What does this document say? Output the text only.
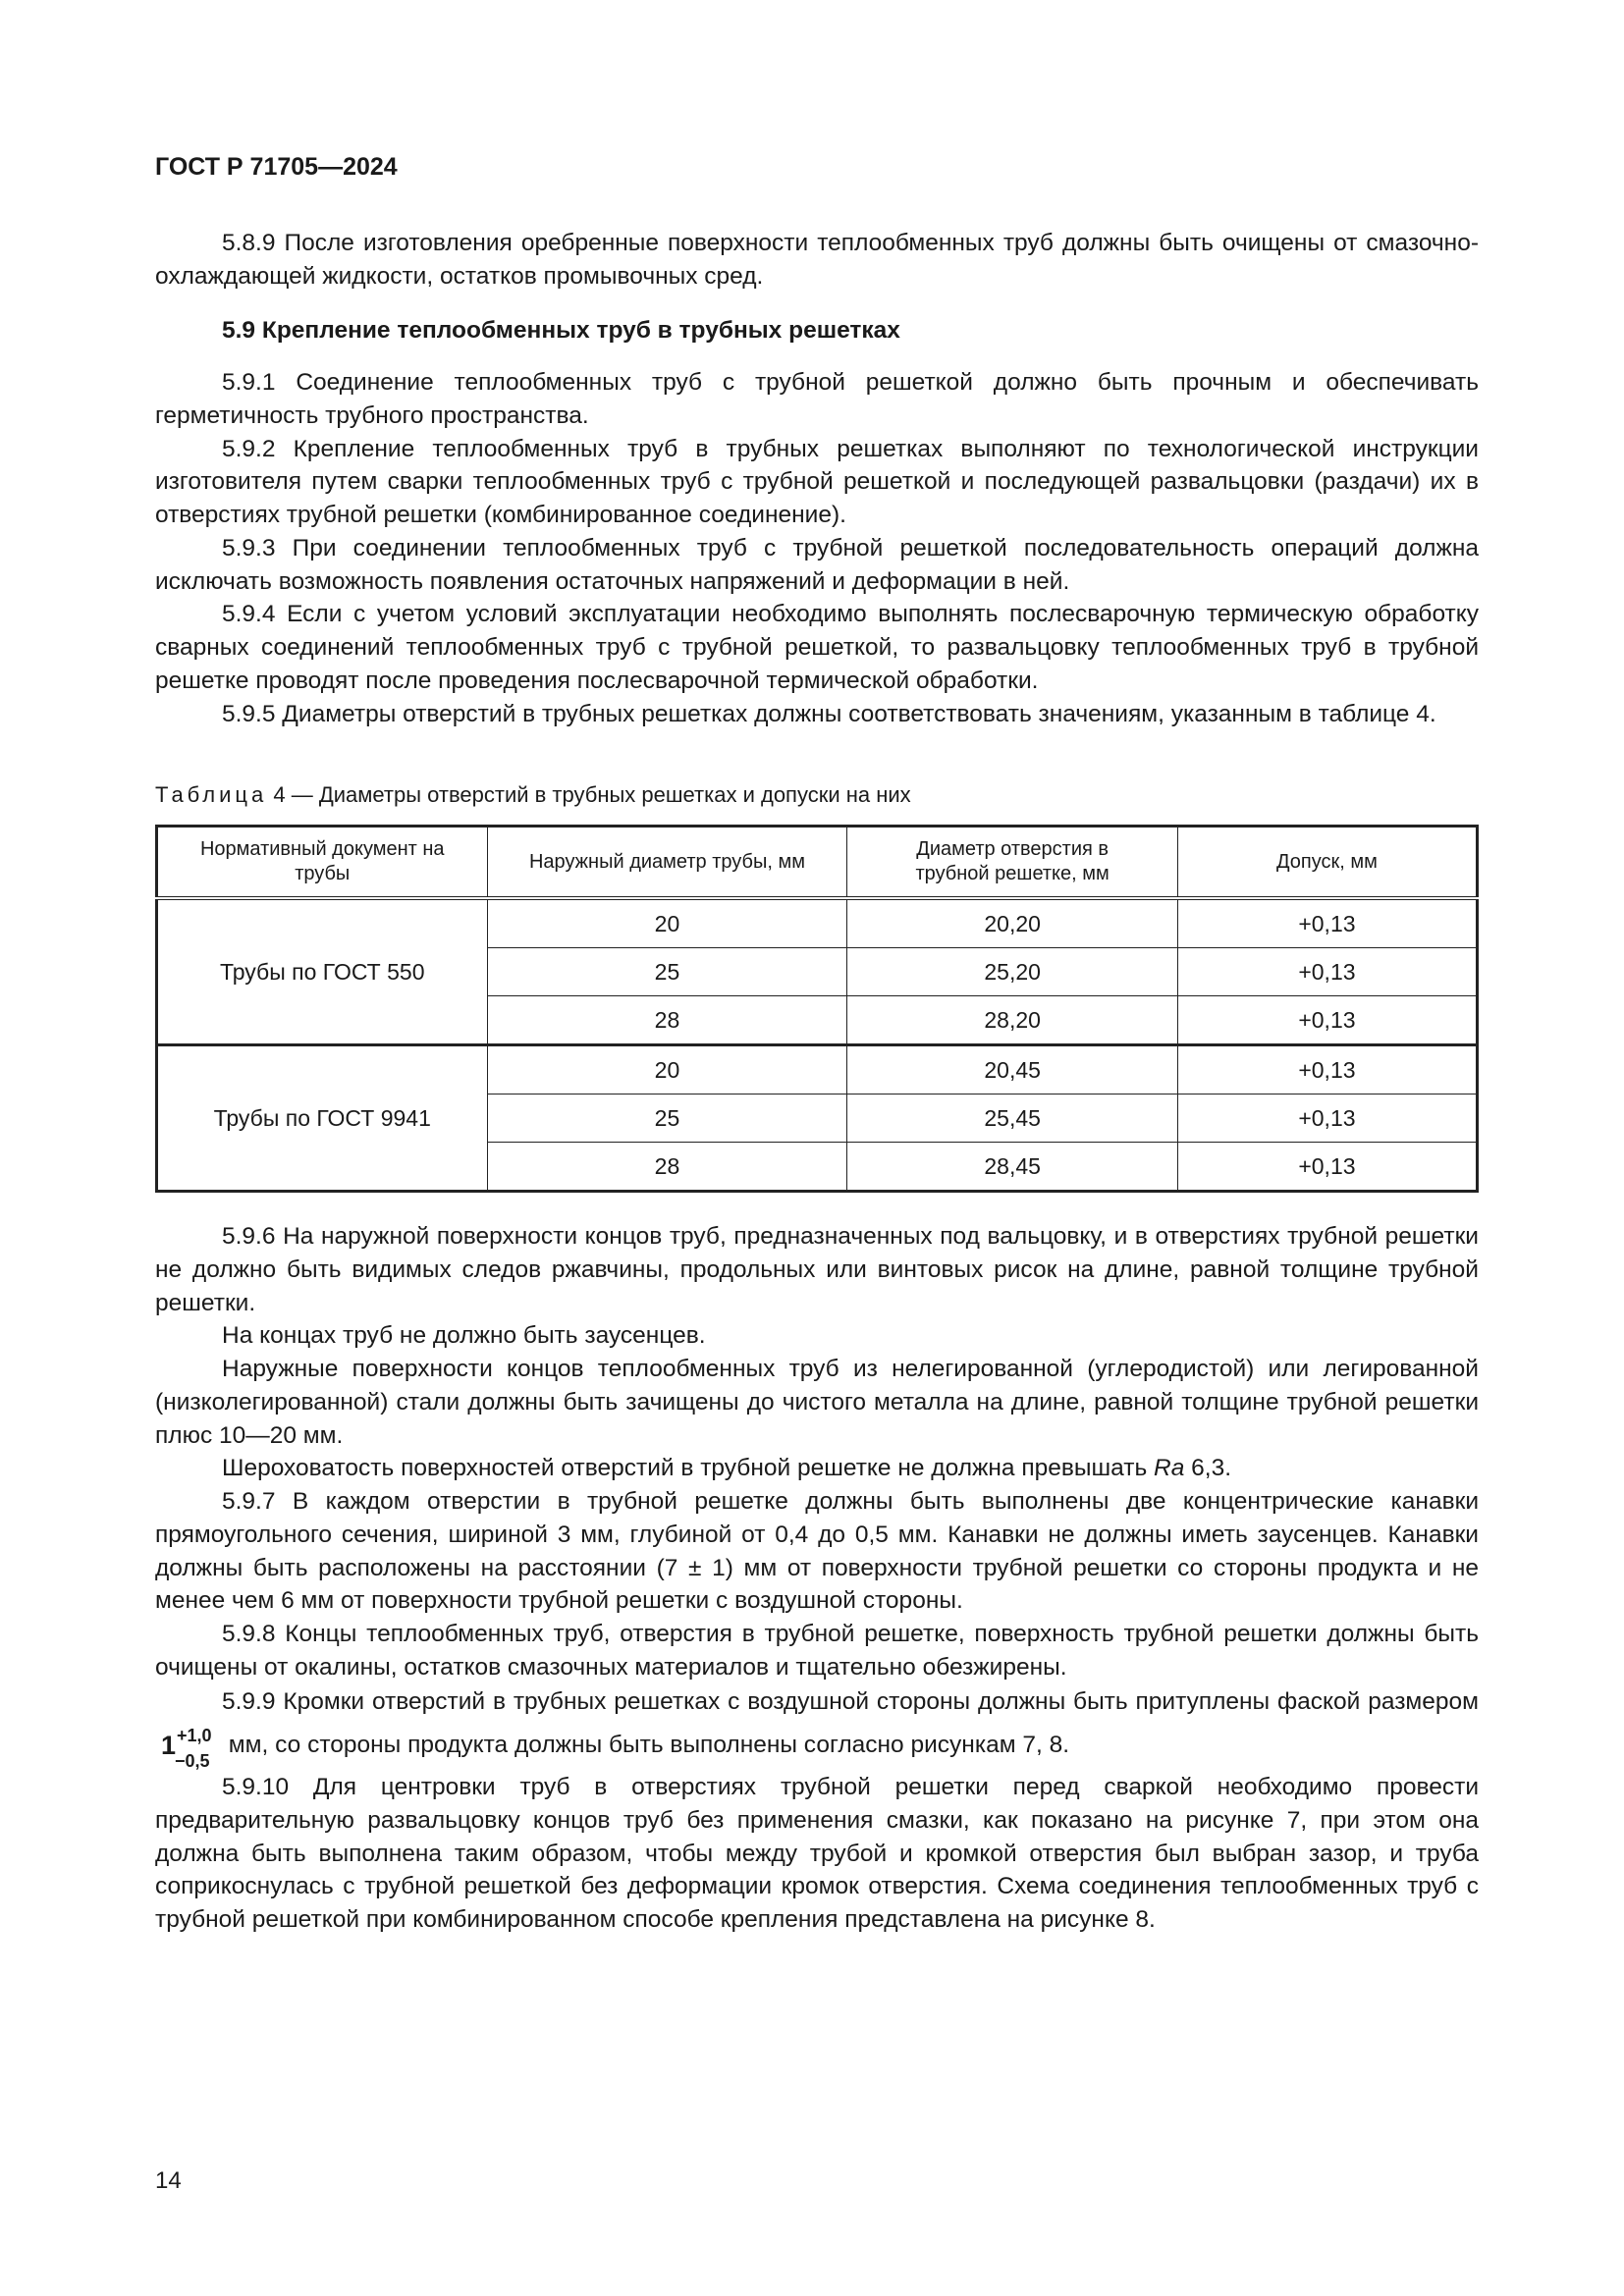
ГОСТ Р 71705—2024

5.8.9 После изготовления оребренные поверхности теплообменных труб должны быть очищены от смазочно-охлаждающей жидкости, остатков промывочных сред.

5.9 Крепление теплообменных труб в трубных решетках

5.9.1 Соединение теплообменных труб с трубной решеткой должно быть прочным и обеспечивать герметичность трубного пространства.

5.9.2 Крепление теплообменных труб в трубных решетках выполняют по технологической инструкции изготовителя путем сварки теплообменных труб с трубной решеткой и последующей развальцовки (раздачи) их в отверстиях трубной решетки (комбинированное соединение).

5.9.3 При соединении теплообменных труб с трубной решеткой последовательность операций должна исключать возможность появления остаточных напряжений и деформации в ней.

5.9.4 Если с учетом условий эксплуатации необходимо выполнять послесварочную термическую обработку сварных соединений теплообменных труб с трубной решеткой, то развальцовку теплообменных труб в трубной решетке проводят после проведения послесварочной термической обработки.

5.9.5 Диаметры отверстий в трубных решетках должны соответствовать значениям, указанным в таблице 4.

Таблица 4 — Диаметры отверстий в трубных решетках и допуски на них
Нормативный документ на трубы	Наружный диаметр трубы, мм	Диаметр отверстия в трубной решетке, мм	Допуск, мм
Трубы по ГОСТ 550	20	20,20	+0,13
	25	25,20	+0,13
	28	28,20	+0,13
Трубы по ГОСТ 9941	20	20,45	+0,13
	25	25,45	+0,13
	28	28,45	+0,13

5.9.6 На наружной поверхности концов труб, предназначенных под вальцовку, и в отверстиях трубной решетки не должно быть видимых следов ржавчины, продольных или винтовых рисок на длине, равной толщине трубной решетки.

На концах труб не должно быть заусенцев.

Наружные поверхности концов теплообменных труб из нелегированной (углеродистой) или легированной (низколегированной) стали должны быть зачищены до чистого металла на длине, равной толщине трубной решетки плюс 10—20 мм.

Шероховатость поверхностей отверстий в трубной решетке не должна превышать Ra 6,3.

5.9.7 В каждом отверстии в трубной решетке должны быть выполнены две концентрические канавки прямоугольного сечения, шириной 3 мм, глубиной от 0,4 до 0,5 мм. Канавки не должны иметь заусенцев. Канавки должны быть расположены на расстоянии (7 ± 1) мм от поверхности трубной решетки со стороны продукта и не менее чем 6 мм от поверхности трубной решетки с воздушной стороны.

5.9.8 Концы теплообменных труб, отверстия в трубной решетке, поверхность трубной решетки должны быть очищены от окалины, остатков смазочных материалов и тщательно обезжирены.

5.9.9 Кромки отверстий в трубных решетках с воздушной стороны должны быть притуплены фаской размером
1 +1,0
−0,5
мм, со стороны продукта должны быть выполнены согласно рисункам 7, 8.

5.9.10 Для центровки труб в отверстиях трубной решетки перед сваркой необходимо провести предварительную развальцовку концов труб без применения смазки, как показано на рисунке 7, при этом она должна быть выполнена таким образом, чтобы между трубой и кромкой отверстия был выбран зазор, и труба соприкоснулась с трубной решеткой без деформации кромок отверстия. Схема соединения теплообменных труб с трубной решеткой при комбинированном способе крепления представлена на рисунке 8.

14
